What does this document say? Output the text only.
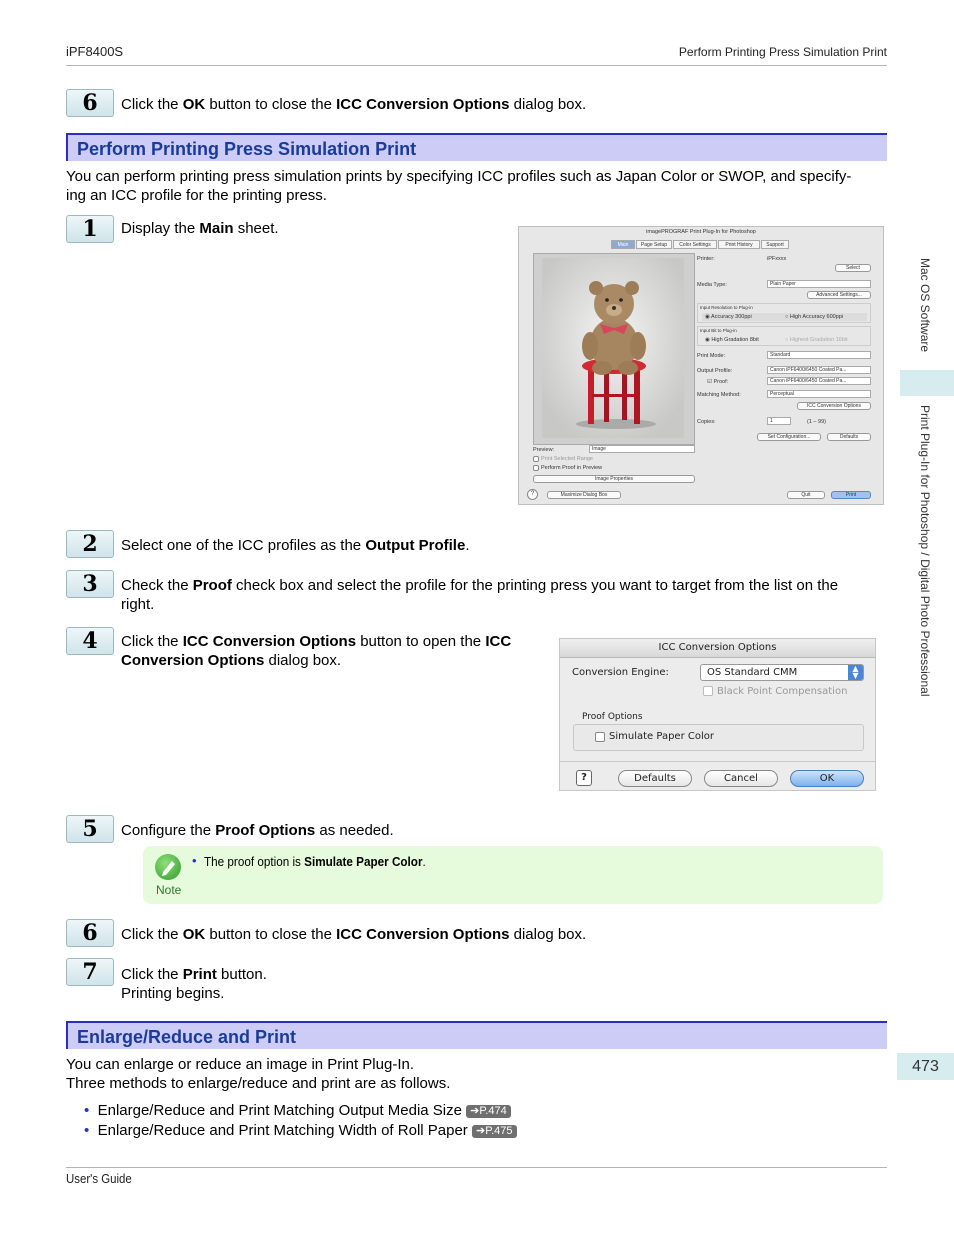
iPF8400S	Perform Printing Press Simulation Print
6	Click the OK button to close the ICC Conversion Options dialog box.
Perform Printing Press Simulation Print
You can perform printing press simulation prints by specifying ICC profiles such as Japan Color or SWOP, and specify-
ing an ICC profile for the printing press.
1	Display the Main sheet.	imagePROGRAF Print Plug-In for Photoshop
Main	Page Setup	Color Settings	Print History	Support
Preview:	Image
Print Selected Range
Perform Proof in Preview
Image Properties
Printer:	iPFxxxx
Select
Media Type:	Plain Paper
Advanced Settings...
Input Resolution to Plug-in
◉ Accuracy 300ppi	○ High Accuracy 600ppi
Input Bit to Plug-in
◉ High Gradation 8bit	○ Highest Gradation 16bit
Print Mode:	Standard
Output Profile:	Canon iPF6400/6450 Coated Pa...
☑ Proof:	Canon iPF6400/6450 Coated Pa...
Matching Method:	Perceptual
ICC Conversion Options
Copies:	1	(1 – 99)
Set Configuration...	Defaults
?	Maximize Dialog Box	Quit	Print
2	Select one of the ICC profiles as the Output Profile.
3	Check the Proof check box and select the profile for the printing press you want to target from the list on the
right.
4	Click the ICC Conversion Options button to open the ICC
Conversion Options dialog box.
ICC Conversion Options
Conversion Engine:	OS Standard CMM	▲
▼
Black Point Compensation
Proof Options
Simulate Paper Color
?	Defaults	Cancel	OK
5	Configure the Proof Options as needed.
Note
• The proof option is Simulate Paper Color.
6	Click the OK button to close the ICC Conversion Options dialog box.
7	Click the Print button.
Printing begins.
Enlarge/Reduce and Print
You can enlarge or reduce an image in Print Plug-In.
Three methods to enlarge/reduce and print are as follows.
• Enlarge/Reduce and Print Matching Output Media Size ➔P.474
• Enlarge/Reduce and Print Matching Width of Roll Paper ➔P.475
User's Guide
Mac OS Software
Print Plug-In for Photoshop / Digital Photo Professional
473
